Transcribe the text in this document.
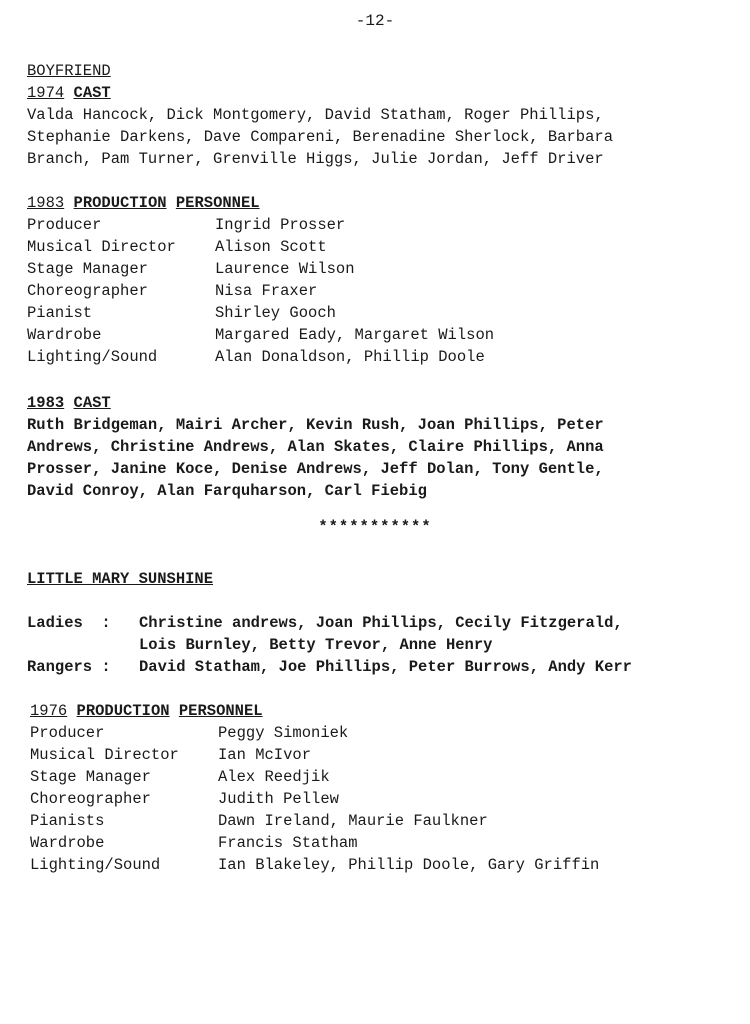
-12-

BOYFRIEND

1974 CAST

Valda Hancock, Dick Montgomery, David Statham, Roger Phillips,

Stephanie Darkens, Dave Compareni, Berenadine Sherlock, Barbara

Branch, Pam Turner, Grenville Higgs, Julie Jordan, Jeff Driver

1983 PRODUCTION PERSONNEL

Producer	Ingrid Prosser
Musical Director	Alison Scott
Stage Manager	Laurence Wilson
Choreographer	Nisa Fraxer
Pianist	Shirley Gooch
Wardrobe	Margared Eady, Margaret Wilson
Lighting/Sound	Alan Donaldson, Phillip Doole

1983 CAST

Ruth Bridgeman, Mairi Archer, Kevin Rush, Joan Phillips, Peter

Andrews, Christine Andrews, Alan Skates, Claire Phillips, Anna

Prosser, Janine Koce, Denise Andrews, Jeff Dolan, Tony Gentle,

David Conroy, Alan Farquharson, Carl Fiebig

***********

LITTLE MARY SUNSHINE

Ladies  :	Christine andrews, Joan Phillips, Cecily Fitzgerald,
Lois Burnley, Betty Trevor, Anne Henry
Rangers :	David Statham, Joe Phillips, Peter Burrows, Andy Kerr

1976 PRODUCTION PERSONNEL

Producer	Peggy Simoniek
Musical Director	Ian McIvor
Stage Manager	Alex Reedjik
Choreographer	Judith Pellew
Pianists	Dawn Ireland, Maurie Faulkner
Wardrobe	Francis Statham
Lighting/Sound	Ian Blakeley, Phillip Doole, Gary Griffin
